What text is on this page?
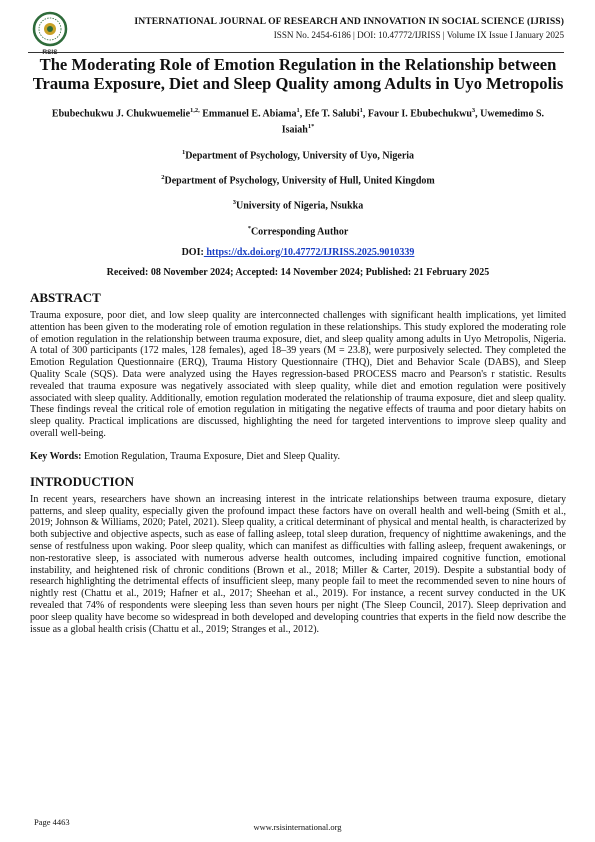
RSIS
INTERNATIONAL JOURNAL OF RESEARCH AND INNOVATION IN SOCIAL SCIENCE (IJRISS)
ISSN No. 2454-6186 | DOI: 10.47772/IJRISS | Volume IX Issue I January 2025
The Moderating Role of Emotion Regulation in the Relationship between Trauma Exposure, Diet and Sleep Quality among Adults in Uyo Metropolis
Ebubechukwu J. Chukwuemelie$^{1,2,}$ Emmanuel E. Abiama$^1$, Efe T. Salubi$^1$, Favour I. Ebubechukwu$^3$, Uwemedimo S. Isaiah$^{1*}$
$^1$Department of Psychology, University of Uyo, Nigeria
$^2$Department of Psychology, University of Hull, United Kingdom
$^3$University of Nigeria, Nsukka
*Corresponding Author
DOI: https://dx.doi.org/10.47772/IJRISS.2025.9010339
Received: 08 November 2024; Accepted: 14 November 2024; Published: 21 February 2025
ABSTRACT

Trauma exposure, poor diet, and low sleep quality are interconnected challenges with significant health implications, yet limited attention has been given to the moderating role of emotion regulation in these relationships. This study explored the moderating role of emotion regulation in the relationship between trauma exposure, diet, and sleep quality among adults in Uyo Metropolis, Nigeria. A total of 300 participants (172 males, 128 females), aged 18–39 years (M = 23.8), were purposively selected. They completed the Emotion Regulation Questionnaire (ERQ), Trauma History Questionnaire (THQ), Diet and Behavior Scale (DABS), and Sleep Quality Scale (SQS). Data were analyzed using the Hayes regression-based PROCESS macro and Pearson's r statistic. Results revealed that trauma exposure was negatively associated with sleep quality, while diet and emotion regulation were positively associated with sleep quality. Additionally, emotion regulation moderated the relationship of trauma exposure, diet and sleep quality. These findings reveal the critical role of emotion regulation in mitigating the negative effects of trauma and poor dietary habits on sleep quality. Practical implications are discussed, highlighting the need for targeted interventions to improve sleep quality and overall well-being.

Key Words: Emotion Regulation, Trauma Exposure, Diet and Sleep Quality.
INTRODUCTION

In recent years, researchers have shown an increasing interest in the intricate relationships between trauma exposure, dietary patterns, and sleep quality, especially given the profound impact these factors have on overall health and well-being (Smith et al., 2019; Johnson & Williams, 2020; Patel, 2021). Sleep quality, a critical determinant of physical and mental health, is characterized by both subjective and objective aspects, such as ease of falling asleep, total sleep duration, frequency of nighttime awakenings, and the sense of restfulness upon waking. Poor sleep quality, which can manifest as difficulties with falling asleep, frequent awakenings, or non-restorative sleep, is associated with numerous adverse health outcomes, including impaired cognitive function, emotional instability, and heightened risk of chronic conditions (Brown et al., 2018; Miller & Carter, 2019). Despite a substantial body of research highlighting the detrimental effects of insufficient sleep, many people fail to meet the recommended seven to nine hours of nightly rest (Chattu et al., 2019; Hafner et al., 2017; Sheehan et al., 2019). For instance, a recent survey conducted in the UK revealed that 74% of respondents were sleeping less than seven hours per night (The Sleep Council, 2017). Sleep deprivation and poor sleep quality have become so widespread in both developed and developing countries that experts in the field now describe the issue as a global health crisis (Chattu et al., 2019; Stranges et al., 2012).

Page 4463	www.rsisinternational.org
